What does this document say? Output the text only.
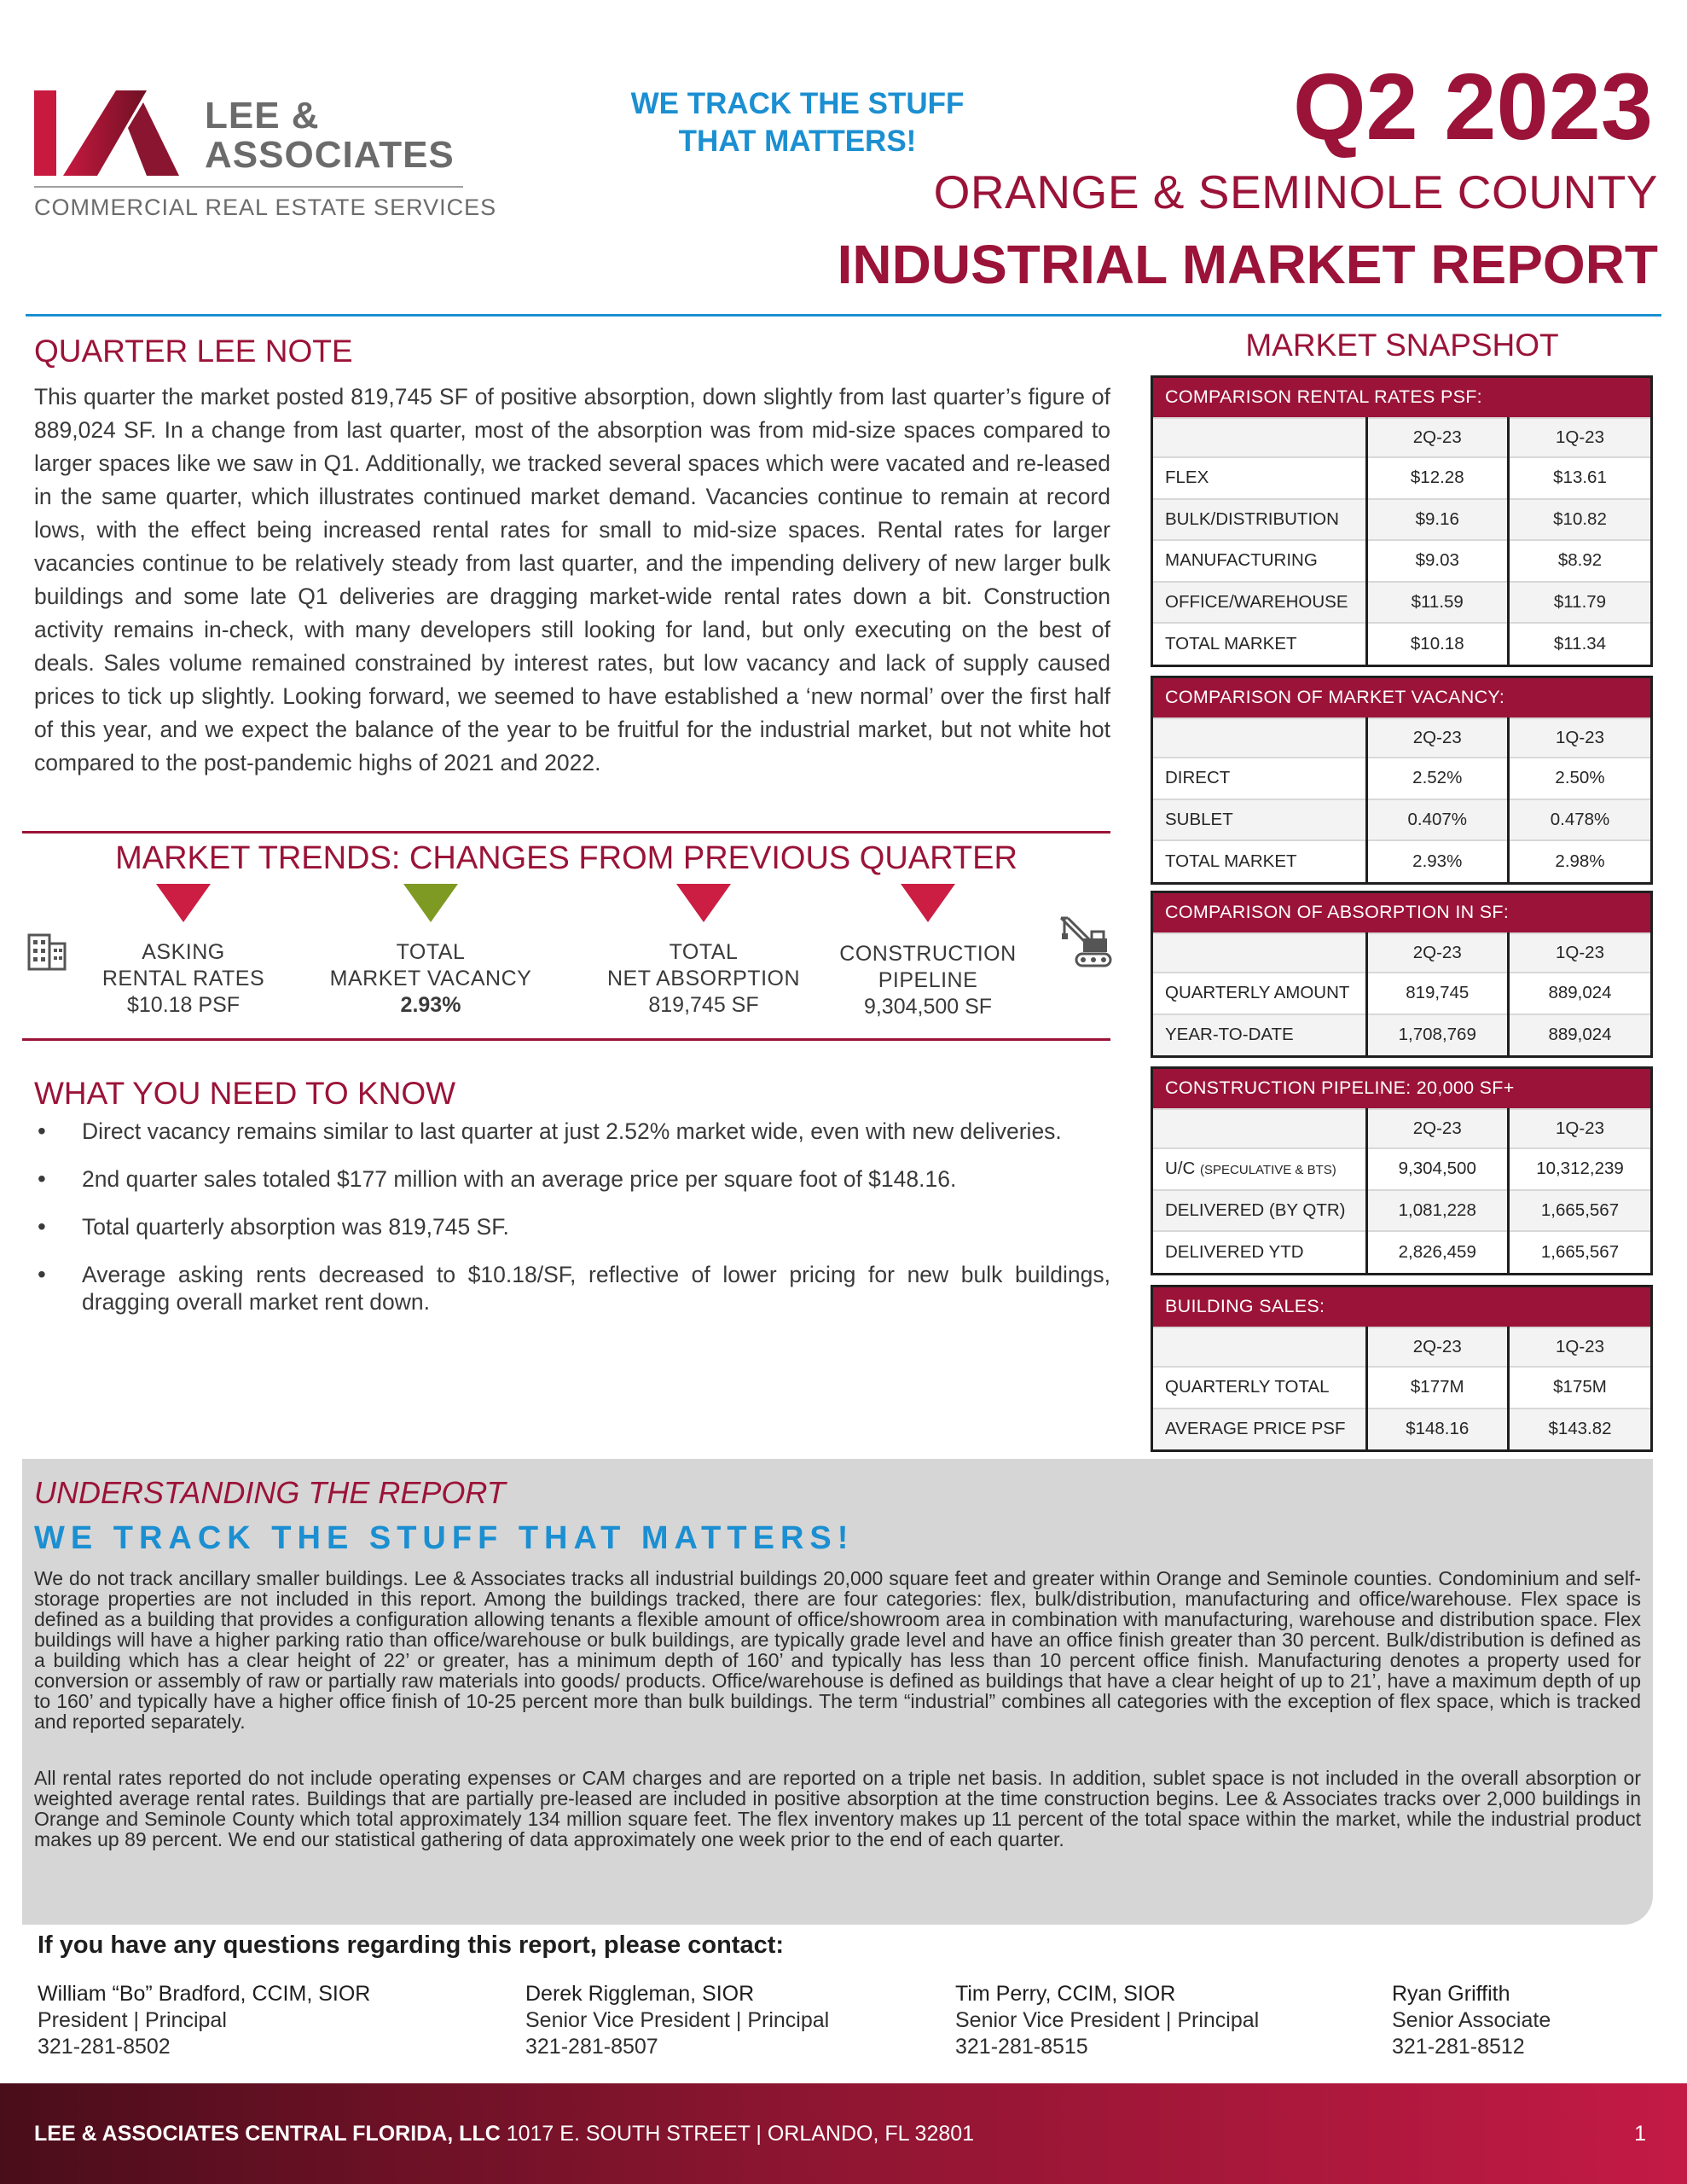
LEE &
ASSOCIATES
COMMERCIAL REAL ESTATE SERVICES
WE TRACK THE STUFF
THAT MATTERS!	Q2 2023
ORANGE & SEMINOLE COUNTY
INDUSTRIAL MARKET REPORT
QUARTER LEE NOTE

This quarter the market posted 819,745 SF of positive absorption, down slightly from last quarter’s figure of 889,024 SF. In a change from last quarter, most of the absorption was from mid-size spaces compared to larger spaces like we saw in Q1. Additionally, we tracked several spaces which were vacated and re-leased in the same quarter, which illustrates continued market demand. Vacancies continue to remain at record lows, with the effect being increased rental rates for small to mid-size spaces. Rental rates for larger vacancies continue to be relatively steady from last quarter, and the impending delivery of new larger bulk buildings and some late Q1 deliveries are dragging market-wide rental rates down a bit. Construction activity remains in-check, with many developers still looking for land, but only executing on the best of deals. Sales volume remained constrained by interest rates, but low vacancy and lack of supply caused prices to tick up slightly. Looking forward, we seemed to have established a ‘new normal’ over the first half of this year, and we expect the balance of the year to be fruitful for the industrial market, but not white hot compared to the post-pandemic highs of 2021 and 2022.

MARKET TRENDS: CHANGES FROM PREVIOUS QUARTER
ASKING
RENTAL RATES
$10.18 PSF
TOTAL
MARKET VACANCY
2.93%
TOTAL
NET ABSORPTION
819,745 SF
CONSTRUCTION
PIPELINE
9,304,500 SF
WHAT YOU NEED TO KNOW
• Direct vacancy remains similar to last quarter at just 2.52% market wide, even with new deliveries.
• 2nd quarter sales totaled $177 million with an average price per square foot of $148.16.
• Total quarterly absorption was 819,745 SF.
• Average asking rents decreased to $10.18/SF, reflective of lower pricing for new bulk buildings, dragging overall market rent down.
MARKET SNAPSHOT
COMPARISON RENTAL RATES PSF:
	2Q-23	1Q-23
FLEX	$12.28	$13.61
BULK/DISTRIBUTION	$9.16	$10.82
MANUFACTURING	$9.03	$8.92
OFFICE/WAREHOUSE	$11.59	$11.79
TOTAL MARKET	$10.18	$11.34
COMPARISON OF MARKET VACANCY:
	2Q-23	1Q-23
DIRECT	2.52%	2.50%
SUBLET	0.407%	0.478%
TOTAL MARKET	2.93%	2.98%
COMPARISON OF ABSORPTION IN SF:
	2Q-23	1Q-23
QUARTERLY AMOUNT	819,745	889,024
YEAR-TO-DATE	1,708,769	889,024
CONSTRUCTION PIPELINE: 20,000 SF+
	2Q-23	1Q-23
U/C (SPECULATIVE & BTS)	9,304,500	10,312,239
DELIVERED (BY QTR)	1,081,228	1,665,567
DELIVERED YTD	2,826,459	1,665,567
BUILDING SALES:
	2Q-23	1Q-23
QUARTERLY TOTAL	$177M	$175M
AVERAGE PRICE PSF	$148.16	$143.82
UNDERSTANDING THE REPORT
WE TRACK THE STUFF THAT MATTERS!

We do not track ancillary smaller buildings. Lee & Associates tracks all industrial buildings 20,000 square feet and greater within Orange and Seminole counties. Condominium and self-storage properties are not included in this report. Among the buildings tracked, there are four categories: flex, bulk/distribution, manufacturing and office/warehouse. Flex space is defined as a building that provides a configuration allowing tenants a flexible amount of office/showroom area in combination with manufacturing, warehouse and distribution space. Flex buildings will have a higher parking ratio than office/warehouse or bulk buildings, are typically grade level and have an office finish greater than 30 percent. Bulk/distribution is defined as a building which has a clear height of 22’ or greater, has a minimum depth of 160’ and typically has less than 10 percent office finish. Manufacturing denotes a property used for conversion or assembly of raw or partially raw materials into goods/ products. Office/warehouse is defined as buildings that have a clear height of up to 21’, have a maximum depth of up to 160’ and typically have a higher office finish of 10-25 percent more than bulk buildings. The term “industrial” combines all categories with the exception of flex space, which is tracked and reported separately.

All rental rates reported do not include operating expenses or CAM charges and are reported on a triple net basis. In addition, sublet space is not included in the overall absorption or weighted average rental rates. Buildings that are partially pre-leased are included in positive absorption at the time construction begins. Lee & Associates tracks over 2,000 buildings in Orange and Seminole County which total approximately 134 million square feet. The flex inventory makes up 11 percent of the total space within the market, while the industrial product makes up 89 percent. We end our statistical gathering of data approximately one week prior to the end of each quarter.

If you have any questions regarding this report, please contact:
William “Bo” Bradford, CCIM, SIOR
President | Principal
321-281-8502
Derek Riggleman, SIOR
Senior Vice President | Principal
321-281-8507
Tim Perry, CCIM, SIOR
Senior Vice President | Principal
321-281-8515
Ryan Griffith
Senior Associate
321-281-8512
LEE & ASSOCIATES CENTRAL FLORIDA, LLC 1017 E. SOUTH STREET | ORLANDO, FL 32801	1
